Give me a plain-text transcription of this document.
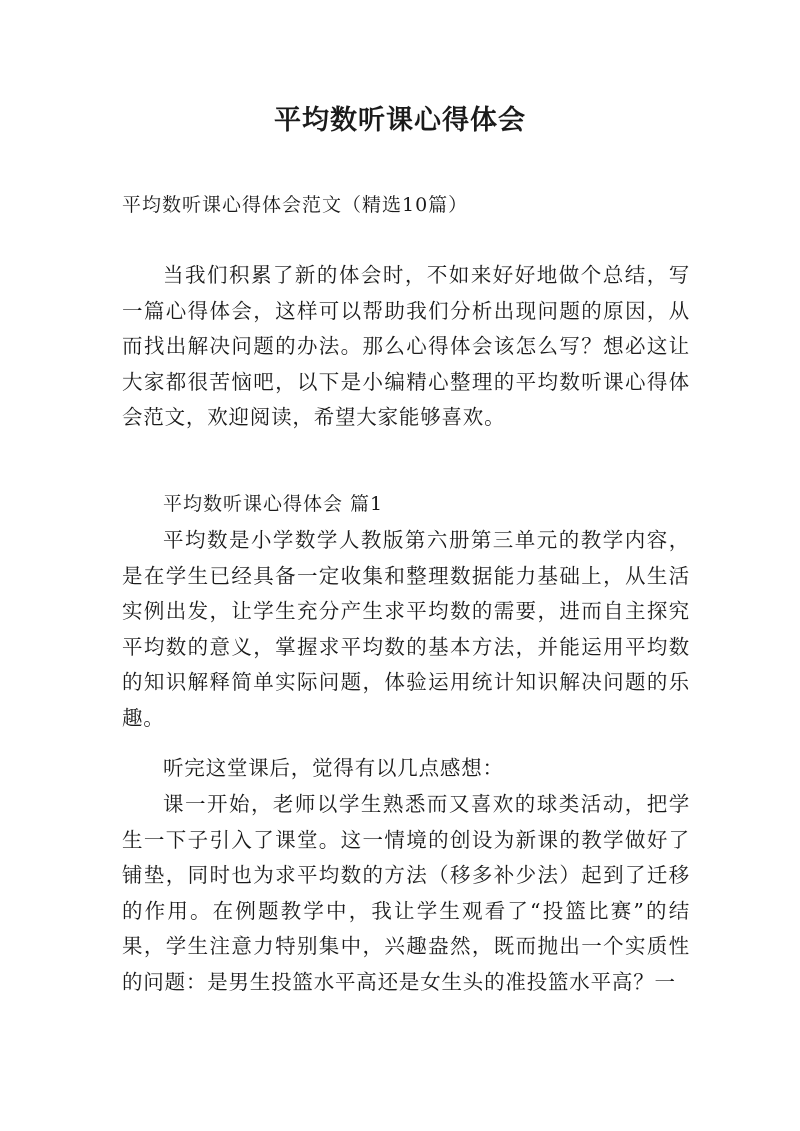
平均数听课心得体会
平均数听课心得体会范文（精选10篇）
当我们积累了新的体会时，不如来好好地做个总结，写一篇心得体会，这样可以帮助我们分析出现问题的原因，从而找出解决问题的办法。那么心得体会该怎么写？想必这让大家都很苦恼吧，以下是小编精心整理的平均数听课心得体会范文，欢迎阅读，希望大家能够喜欢。
平均数听课心得体会 篇1
平均数是小学数学人教版第六册第三单元的教学内容，是在学生已经具备一定收集和整理数据能力基础上，从生活实例出发，让学生充分产生求平均数的需要，进而自主探究平均数的意义，掌握求平均数的基本方法，并能运用平均数的知识解释简单实际问题，体验运用统计知识解决问题的乐趣。
听完这堂课后，觉得有以几点感想：
课一开始，老师以学生熟悉而又喜欢的球类活动，把学生一下子引入了课堂。这一情境的创设为新课的教学做好了铺垫，同时也为求平均数的方法（移多补少法）起到了迁移的作用。在例题教学中，我让学生观看了“投篮比赛”的结果，学生注意力特别集中，兴趣盎然，既而抛出一个实质性的问题：是男生投篮水平高还是女生头的准投篮水平高？一
